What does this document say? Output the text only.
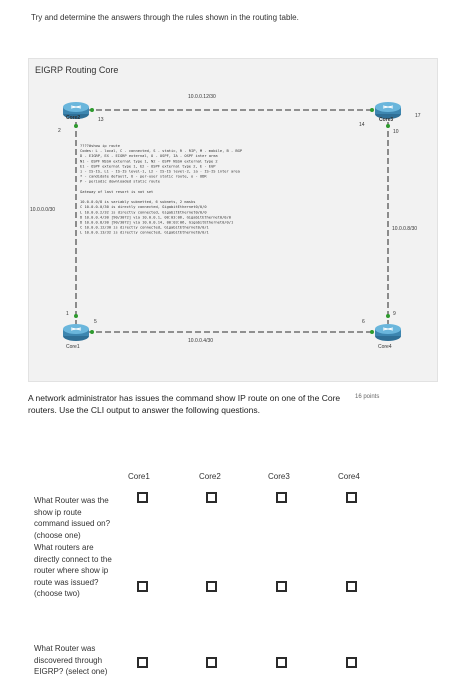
Try and determine the answers through the rules shown in the routing table.
EIGRP Routing Core
Core2	Core3
Core1	Core4
10.0.0.12/30
10.0.0.4/30
10.0.0.0/30
10.0.0.8/30
13
2
14
10
17
1
5	6
9
????#show ip route
Codes: L - local, C - connected, S - static, R - RIP, M - mobile, B - BGP
D - EIGRP, EX - EIGRP external, O - OSPF, IA - OSPF inter area
N1 - OSPF NSSA external type 1, N2 - OSPF NSSA external type 2
E1 - OSPF external type 1, E2 - OSPF external type 2, E - EGP
i - IS-IS, L1 - IS-IS level-1, L2 - IS-IS level-2, ia - IS-IS inter area
* - candidate default, U - per-user static route, o - ODR
P - periodic downloaded static route
Gateway of last resort is not set
10.0.0.0/8 is variably subnetted, 6 subnets, 2 masks
C 10.0.0.0/30 is directly connected, GigabitEthernet0/0/0
L 10.0.0.2/32 is directly connected, GigabitEthernet0/0/0
D 10.0.0.4/30 [90/3072] via 10.0.0.1, 00:03:06, GigabitEthernet0/0/0
D 10.0.0.8/30 [90/3072] via 10.0.0.14, 00:03:06, GigabitEthernet0/0/1
C 10.0.0.12/30 is directly connected, GigabitEthernet0/0/1
L 10.0.0.13/32 is directly connected, GigabitEthernet0/0/1
A network administrator has issues the command show IP route on one of the Core routers. Use the CLI output to answer the following questions.
16 points
Core1	Core2	Core3	Core4
What Router was the show ip route command issued on? (choose one)
What routers are directly connect to the router where show ip route was issued? (choose two)
What Router was discovered through EIGRP? (select one)
